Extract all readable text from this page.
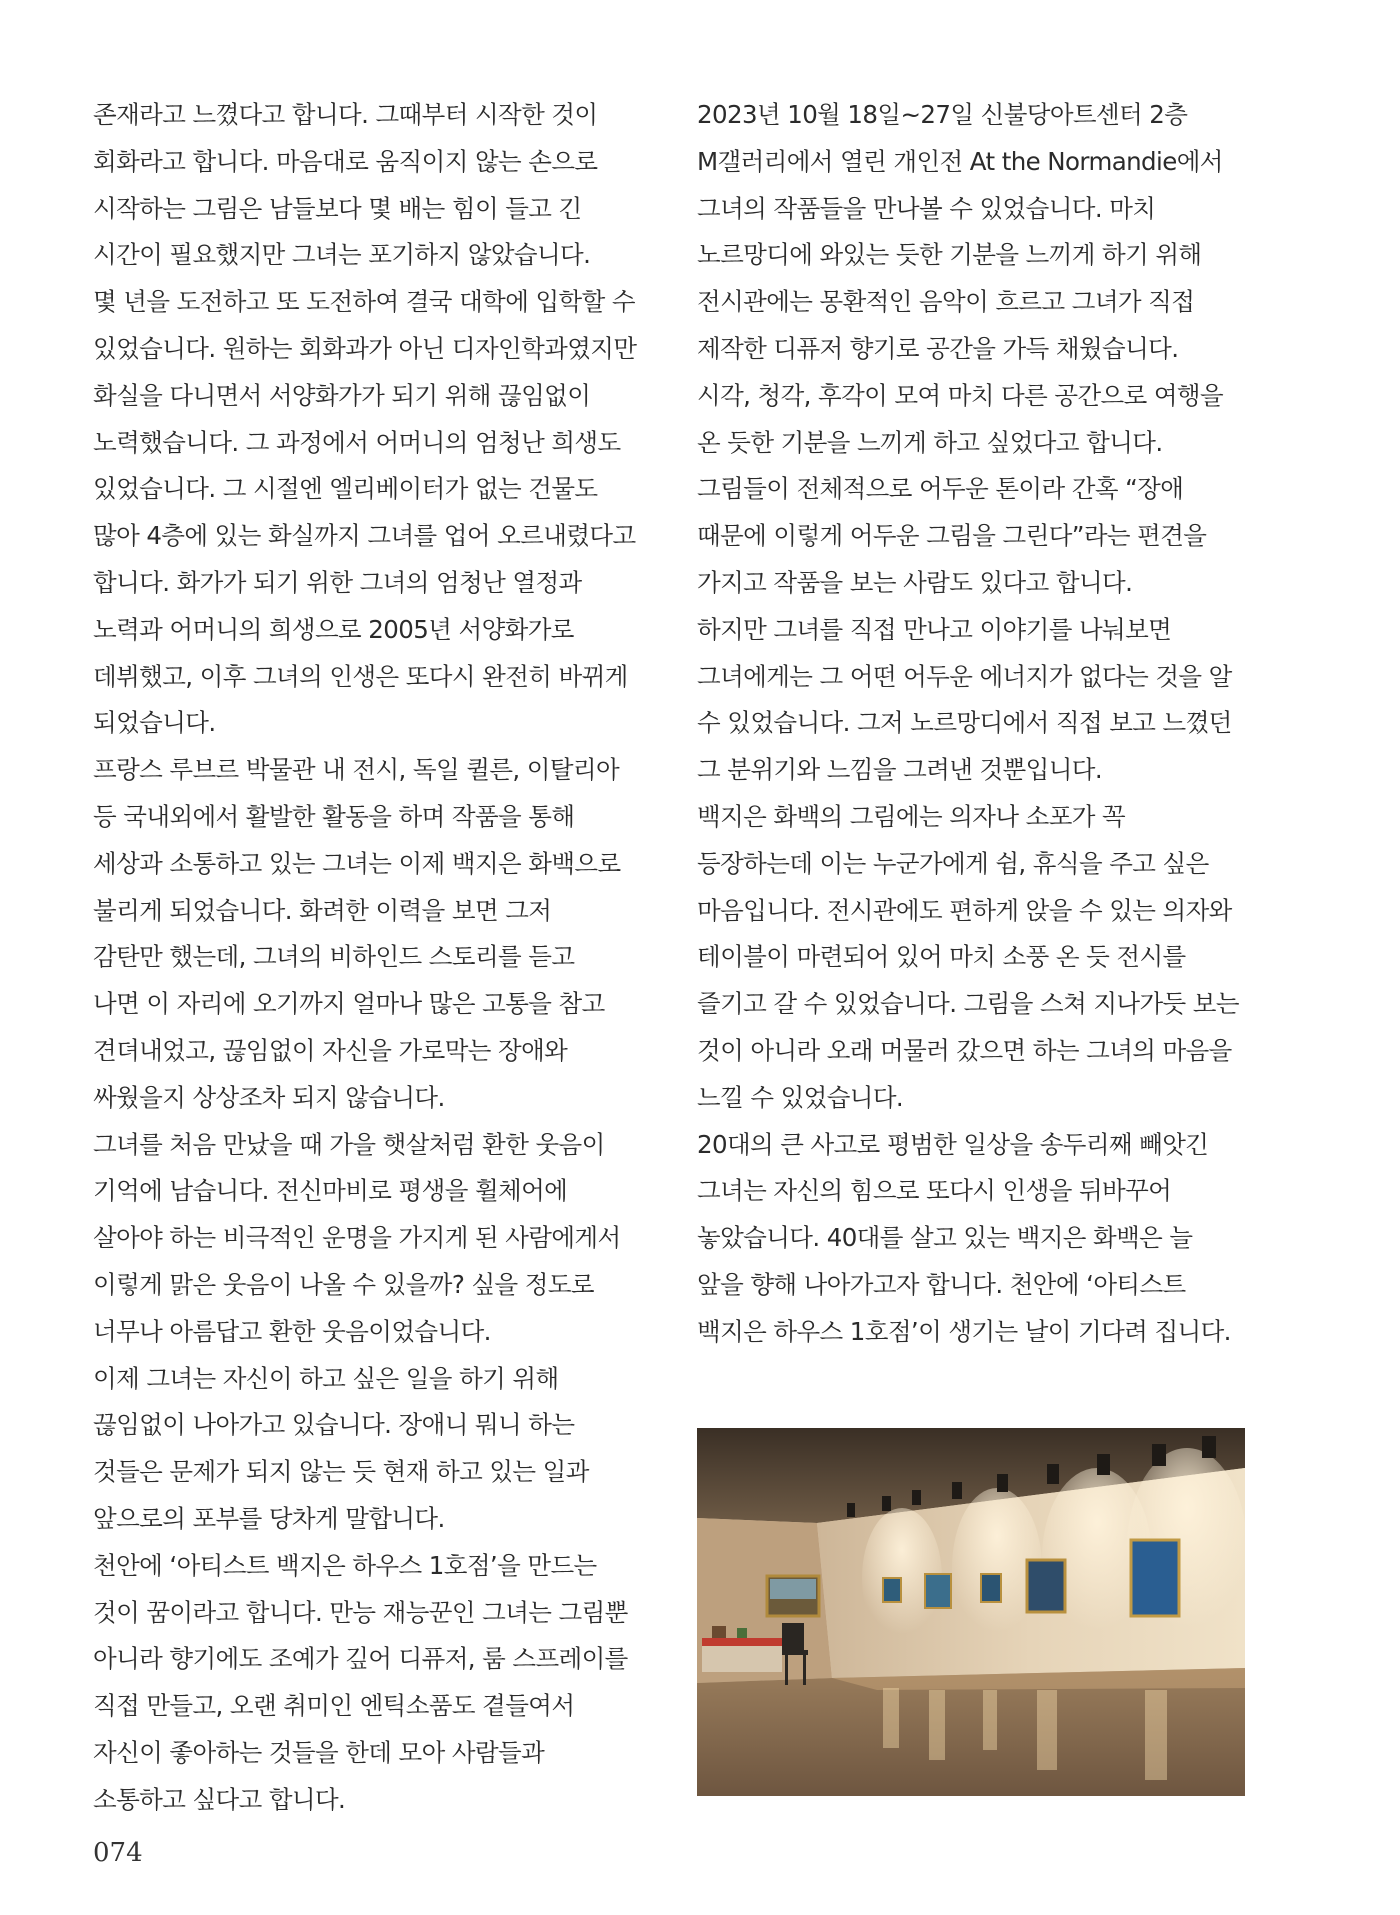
존재라고 느꼈다고 합니다. 그때부터 시작한 것이
회화라고 합니다. 마음대로 움직이지 않는 손으로
시작하는 그림은 남들보다 몇 배는 힘이 들고 긴
시간이 필요했지만 그녀는 포기하지 않았습니다.
몇 년을 도전하고 또 도전하여 결국 대학에 입학할 수
있었습니다. 원하는 회화과가 아닌 디자인학과였지만
화실을 다니면서 서양화가가 되기 위해 끊임없이
노력했습니다. 그 과정에서 어머니의 엄청난 희생도
있었습니다. 그 시절엔 엘리베이터가 없는 건물도
많아 4층에 있는 화실까지 그녀를 업어 오르내렸다고
합니다. 화가가 되기 위한 그녀의 엄청난 열정과
노력과 어머니의 희생으로 2005년 서양화가로
데뷔했고, 이후 그녀의 인생은 또다시 완전히 바뀌게
되었습니다.
프랑스 루브르 박물관 내 전시, 독일 퀼른, 이탈리아
등 국내외에서 활발한 활동을 하며 작품을 통해
세상과 소통하고 있는 그녀는 이제 백지은 화백으로
불리게 되었습니다. 화려한 이력을 보면 그저
감탄만 했는데, 그녀의 비하인드 스토리를 듣고
나면 이 자리에 오기까지 얼마나 많은 고통을 참고
견뎌내었고, 끊임없이 자신을 가로막는 장애와
싸웠을지 상상조차 되지 않습니다.
그녀를 처음 만났을 때 가을 햇살처럼 환한 웃음이
기억에 남습니다. 전신마비로 평생을 휠체어에
살아야 하는 비극적인 운명을 가지게 된 사람에게서
이렇게 맑은 웃음이 나올 수 있을까? 싶을 정도로
너무나 아름답고 환한 웃음이었습니다.
이제 그녀는 자신이 하고 싶은 일을 하기 위해
끊임없이 나아가고 있습니다. 장애니 뭐니 하는
것들은 문제가 되지 않는 듯 현재 하고 있는 일과
앞으로의 포부를 당차게 말합니다.
천안에 ‘아티스트 백지은 하우스 1호점’을 만드는
것이 꿈이라고 합니다. 만능 재능꾼인 그녀는 그림뿐
아니라 향기에도 조예가 깊어 디퓨저, 룸 스프레이를
직접 만들고, 오랜 취미인 엔틱소품도 곁들여서
자신이 좋아하는 것들을 한데 모아 사람들과
소통하고 싶다고 합니다.
2023년 10월 18일~27일 신불당아트센터 2층
M갤러리에서 열린 개인전 At the Normandie에서
그녀의 작품들을 만나볼 수 있었습니다. 마치
노르망디에 와있는 듯한 기분을 느끼게 하기 위해
전시관에는 몽환적인 음악이 흐르고 그녀가 직접
제작한 디퓨저 향기로 공간을 가득 채웠습니다.
시각, 청각, 후각이 모여 마치 다른 공간으로 여행을
온 듯한 기분을 느끼게 하고 싶었다고 합니다.
그림들이 전체적으로 어두운 톤이라 간혹 “장애
때문에 이렇게 어두운 그림을 그린다”라는 편견을
가지고 작품을 보는 사람도 있다고 합니다.
하지만 그녀를 직접 만나고 이야기를 나눠보면
그녀에게는 그 어떤 어두운 에너지가 없다는 것을 알
수 있었습니다. 그저 노르망디에서 직접 보고 느꼈던
그 분위기와 느낌을 그려낸 것뿐입니다.
백지은 화백의 그림에는 의자나 소포가 꼭
등장하는데 이는 누군가에게 쉼, 휴식을 주고 싶은
마음입니다. 전시관에도 편하게 앉을 수 있는 의자와
테이블이 마련되어 있어 마치 소풍 온 듯 전시를
즐기고 갈 수 있었습니다. 그림을 스쳐 지나가듯 보는
것이 아니라 오래 머물러 갔으면 하는 그녀의 마음을
느낄 수 있었습니다.
20대의 큰 사고로 평범한 일상을 송두리째 빼앗긴
그녀는 자신의 힘으로 또다시 인생을 뒤바꾸어
놓았습니다. 40대를 살고 있는 백지은 화백은 늘
앞을 향해 나아가고자 합니다. 천안에 ‘아티스트
백지은 하우스 1호점’이 생기는 날이 기다려 집니다.
074
